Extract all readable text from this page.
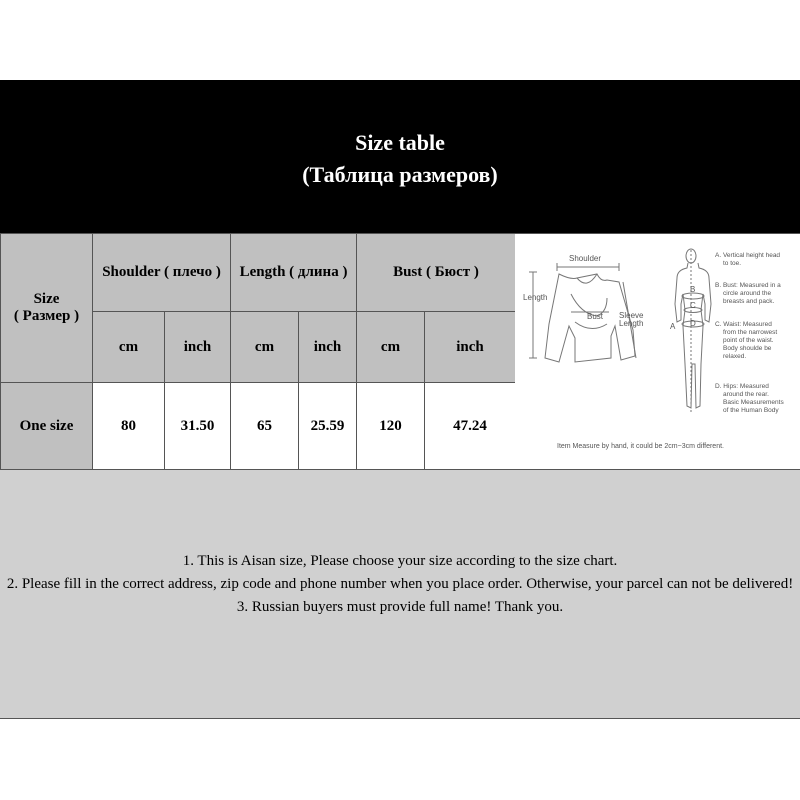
Size table
(Таблица размеров)
Size
( Размер )	Shoulder ( плечо )		Length ( длина )		Bust ( Бюст )	
	cm	inch	cm	inch	cm	inch
One size	80	31.50	65	25.59	120	47.24
Shoulder
Length
Bust Sleeve
Length	A
B
C
D
A. Vertical height head
to toe.
B. Bust: Measured in a
circle around the
breasts and pack.
C. Waist: Measured
from the narrowest
point of the waist.
Body shoulde be
relaxed.
D. Hips: Measured
around the rear.
Basic Measurements
of the Human Body
Item Measure by hand, it could be 2cm~3cm different.

1. This is Aisan size, Please choose your size according to the size chart.

2. Please fill in the correct address, zip code and phone number when you place order. Otherwise, your parcel can not be delivered!

3. Russian buyers must provide full name! Thank you.
